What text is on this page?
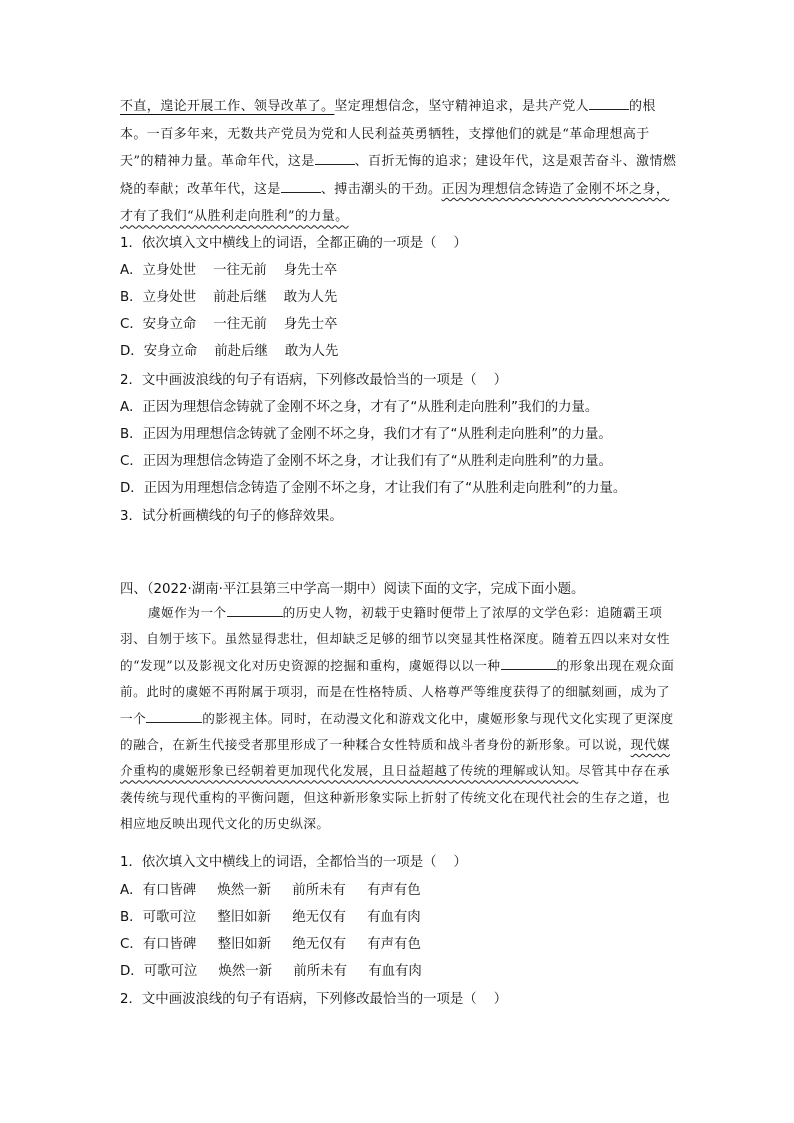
不直，遑论开展工作、领导改革了。坚定理想信念，坚守精神追求，是共产党人	的根本。一百多年来，无数共产党员为党和人民利益英勇牺牲，支撑他们的就是“革命理想高于天”的精神力量。革命年代，这是	、百折无悔的追求；建设年代，这是艰苦奋斗、激情燃烧的奉献；改革年代，这是	、搏击潮头的干劲。正因为理想信念铸造了金刚不坏之身，才有了我们“从胜利走向胜利”的力量。
1．依次填入文中横线上的词语，全都正确的一项是（    ）
A．立身处世    一往无前    身先士卒
B．立身处世    前赴后继    敢为人先
C．安身立命    一往无前    身先士卒
D．安身立命    前赴后继    敢为人先
2．文中画波浪线的句子有语病，下列修改最恰当的一项是（    ）
A．正因为理想信念铸就了金刚不坏之身，才有了“从胜利走向胜利”我们的力量。
B．正因为用理想信念铸就了金刚不坏之身，我们才有了“从胜利走向胜利”的力量。
C．正因为理想信念铸造了金刚不坏之身，才让我们有了“从胜利走向胜利”的力量。
D．正因为用理想信念铸造了金刚不坏之身，才让我们有了“从胜利走向胜利”的力量。
3．试分析画横线的句子的修辞效果。
四、（2022·湖南·平江县第三中学高一期中）阅读下面的文字，完成下面小题。
虞姬作为一个	的历史人物，初载于史籍时便带上了浓厚的文学色彩：追随霸王项羽、自刎于垓下。虽然显得悲壮，但却缺乏足够的细节以突显其性格深度。随着五四以来对女性的“发现”以及影视文化对历史资源的挖掘和重构，虞姬得以以一种	的形象出现在观众面前。此时的虞姬不再附属于项羽，而是在性格特质、人格尊严等维度获得了的细腻刻画，成为了一个	的影视主体。同时，在动漫文化和游戏文化中，虞姬形象与现代文化实现了更深度的融合，在新生代接受者那里形成了一种糅合女性特质和战斗者身份的新形象。可以说，现代媒介重构的虞姬形象已经朝着更加现代化发展，且日益超越了传统的理解或认知。尽管其中存在承袭传统与现代重构的平衡问题，但这种新形象实际上折射了传统文化在现代社会的生存之道，也相应地反映出现代文化的历史纵深。
1．依次填入文中横线上的词语，全都恰当的一项是（    ）
A．有口皆碑     焕然一新     前所未有     有声有色
B．可歌可泣     整旧如新     绝无仅有     有血有肉
C．有口皆碑     整旧如新     绝无仅有     有声有色
D．可歌可泣     焕然一新     前所未有     有血有肉
2．文中画波浪线的句子有语病，下列修改最恰当的一项是（    ）
